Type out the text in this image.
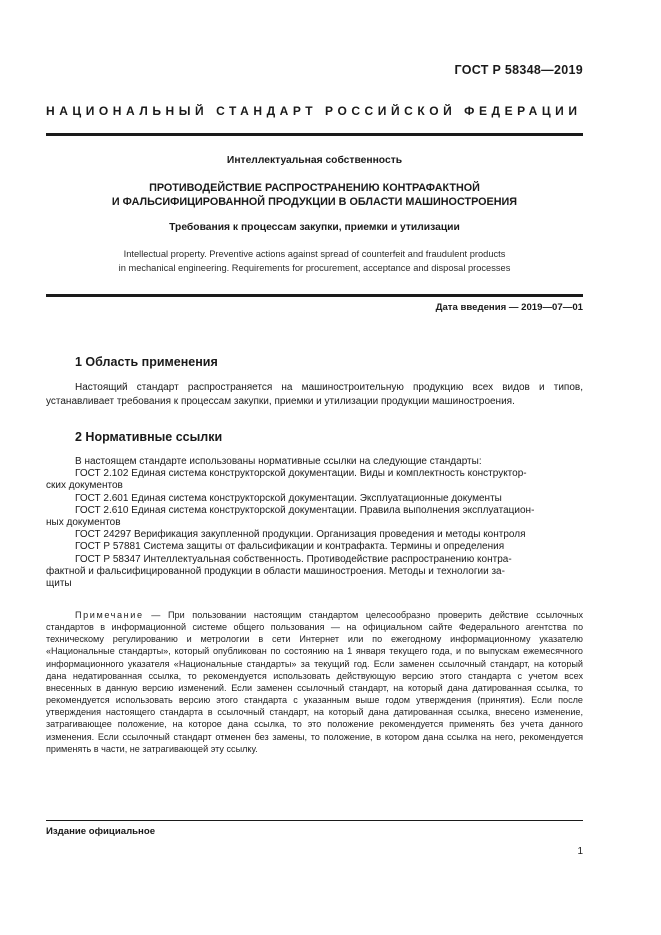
ГОСТ Р 58348—2019
НАЦИОНАЛЬНЫЙ СТАНДАРТ РОССИЙСКОЙ ФЕДЕРАЦИИ
Интеллектуальная собственность
ПРОТИВОДЕЙСТВИЕ РАСПРОСТРАНЕНИЮ КОНТРАФАКТНОЙ
И ФАЛЬСИФИЦИРОВАННОЙ ПРОДУКЦИИ В ОБЛАСТИ МАШИНОСТРОЕНИЯ
Требования к процессам закупки, приемки и утилизации
Intellectual property. Preventive actions against spread of counterfeit and fraudulent products
in mechanical engineering. Requirements for procurement, acceptance and disposal processes
Дата введения — 2019—07—01
1 Область применения
Настоящий стандарт распространяется на машиностроительную продукцию всех видов и типов, устанавливает требования к процессам закупки, приемки и утилизации продукции машиностроения.
2 Нормативные ссылки
В настоящем стандарте использованы нормативные ссылки на следующие стандарты:
ГОСТ 2.102 Единая система конструкторской документации. Виды и комплектность конструктор-
ских документов
ГОСТ 2.601 Единая система конструкторской документации. Эксплуатационные документы
ГОСТ 2.610 Единая система конструкторской документации. Правила выполнения эксплуатацион-
ных документов
ГОСТ 24297 Верификация закупленной продукции. Организация проведения и методы контроля
ГОСТ Р 57881 Система защиты от фальсификации и контрафакта. Термины и определения
ГОСТ Р 58347 Интеллектуальная собственность. Противодействие распространению контра-
фактной и фальсифицированной продукции в области машиностроения. Методы и технологии за-
щиты
Примечание — При пользовании настоящим стандартом целесообразно проверить действие ссылочных стандартов в информационной системе общего пользования — на официальном сайте Федерального агентства по техническому регулированию и метрологии в сети Интернет или по ежегодному информационному указателю «Национальные стандарты», который опубликован по состоянию на 1 января текущего года, и по выпускам ежемесячного информационного указателя «Национальные стандарты» за текущий год. Если заменен ссылочный стандарт, на который дана недатированная ссылка, то рекомендуется использовать действующую версию этого стандарта с учетом всех внесенных в данную версию изменений. Если заменен ссылочный стандарт, на который дана датированная ссылка, то рекомендуется использовать версию этого стандарта с указанным выше годом утверждения (принятия). Если после утверждения настоящего стандарта в ссылочный стандарт, на который дана датированная ссылка, внесено изменение, затрагивающее положение, на которое дана ссылка, то это положение рекомендуется применять без учета данного изменения. Если ссылочный стандарт отменен без замены, то положение, в котором дана ссылка на него, рекомендуется применять в части, не затрагивающей эту ссылку.
Издание официальное
1
